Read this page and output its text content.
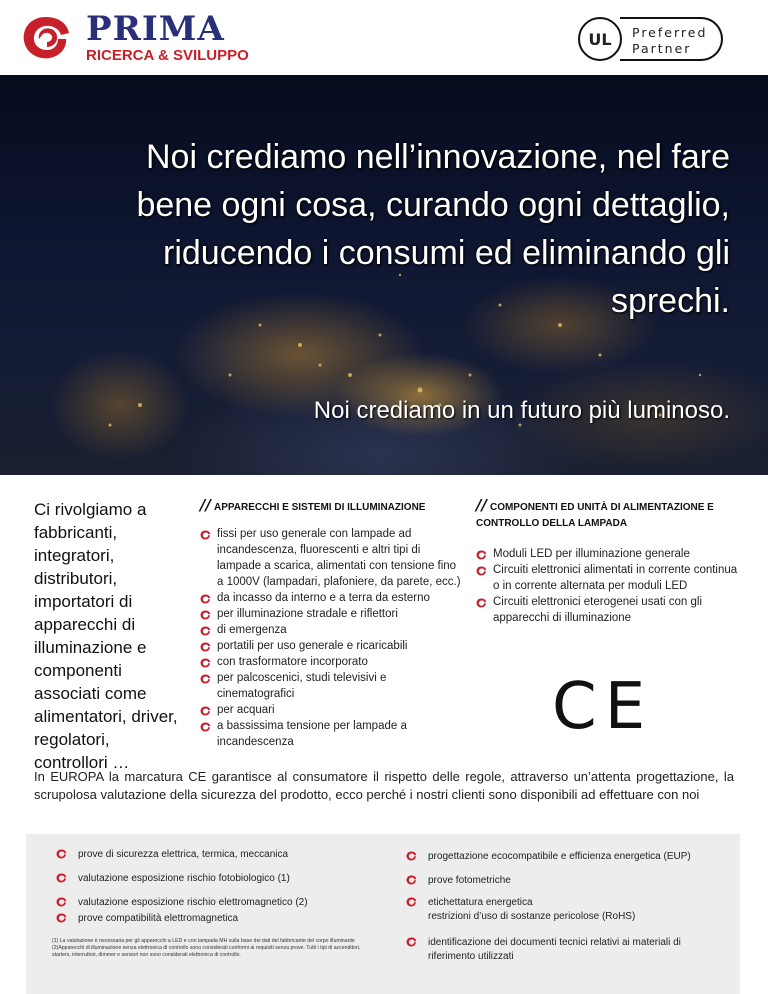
PRIMA
RICERCA & SVILUPPO
UL	Preferred
Partner
Noi crediamo nell’innovazione, nel fare bene ogni cosa, curando ogni dettaglio, riducendo i consumi ed eliminando gli sprechi.
Noi crediamo in un futuro più luminoso.
Ci rivolgiamo a fabbricanti, integratori, distributori, importatori di apparecchi di illuminazione e componenti associati come alimentatori, driver, regolatori, controllori …
// APPARECCHI E SISTEMI DI ILLUMINAZIONE
fissi per uso generale con lampade ad incandescenza, fluorescenti e altri tipi di lampade a scarica, alimentati con tensione fino a 1000V (lampadari, plafoniere, da parete, ecc.)
da incasso da interno e a terra da esterno
per illuminazione stradale e riflettori
di emergenza
portatili per uso generale e ricaricabili
con trasformatore incorporato
per palcoscenici, studi televisivi e cinematografici
per acquari
a bassissima tensione per lampade a incandescenza
// COMPONENTI ED UNITÀ DI ALIMENTAZIONE E CONTROLLO DELLA LAMPADA
Moduli LED per illuminazione generale
Circuiti elettronici alimentati in corrente continua o in corrente alternata per moduli LED
Circuiti elettronici eterogenei usati con gli apparecchi di illuminazione
CE
In EUROPA la marcatura CE garantisce al consumatore il rispetto delle regole, attraverso un’attenta progettazione, la scrupolosa valutazione della sicurezza del prodotto, ecco perché i nostri clienti sono disponibili ad effettuare con noi
prove di sicurezza elettrica, termica, meccanica
valutazione esposizione rischio fotobiologico (1)
valutazione esposizione rischio elettromagnetico (2)
prove compatibilità elettromagnetica
progettazione ecocompatibile e efficienza energetica (EUP)
prove fotometriche
etichettatura energetica
restrizioni d’uso di sostanze pericolose (RoHS)
identificazione dei documenti tecnici relativi ai materiali di riferimento utilizzati
(1) La valutazione è necessaria per gli apparecchi a LED e con lampada MH sulla base dei dati del fabbricante del corpo illuminante
(2)Apparecchi di illuminazione senza elettronica di controllo sono considerati conformi ai requisiti senza prove. Tutti i tipi di accenditori, starters, interruttori, dimmer e sensori non sono considerati elettronica di controllo.
